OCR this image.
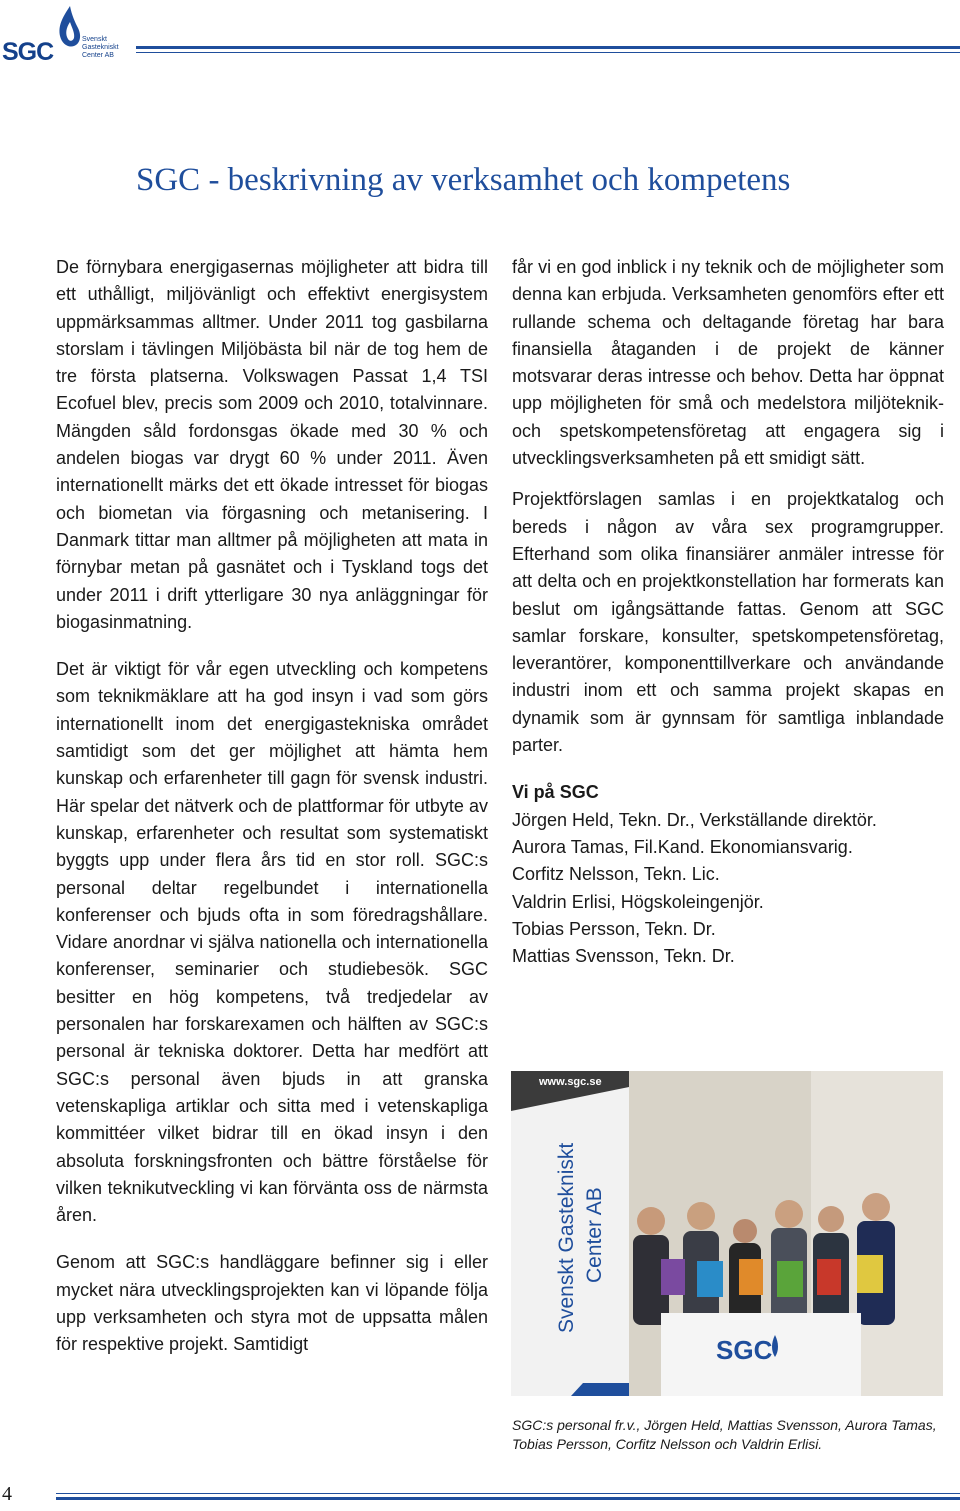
SGC	Svenskt
Gastekniskt
Center AB
SGC - beskrivning av verksamhet och kompetens

De förnybara energigasernas möjligheter att bidra till ett uthålligt, miljövänligt och effektivt energisystem uppmärksammas alltmer. Under 2011 tog gasbilarna storslam i tävlingen Miljöbästa bil när de tog hem de tre första platserna. Volkswagen Passat 1,4 TSI Ecofuel blev, precis som 2009 och 2010, totalvinnare. Mängden såld fordonsgas ökade med 30 % och andelen biogas var drygt 60 % under 2011. Även internationellt märks det ett ökade intresset för biogas och biometan via förgasning och metanisering. I Danmark tittar man alltmer på möjligheten att mata in förnybar metan på gasnätet och i Tyskland togs det under 2011 i drift ytterligare 30 nya anläggningar för biogasinmatning.

Det är viktigt för vår egen utveckling och kompetens som teknikmäklare att ha god insyn i vad som görs internationellt inom det energigastekniska området samtidigt som det ger möjlighet att hämta hem kunskap och erfarenheter till gagn för svensk industri. Här spelar det nätverk och de plattformar för utbyte av kunskap, erfarenheter och resultat som systematiskt byggts upp under flera års tid en stor roll. SGC:s personal deltar regelbundet i internationella konferenser och bjuds ofta in som föredragshållare. Vidare anordnar vi själva nationella och internationella konferenser, seminarier och studiebesök. SGC besitter en hög kompetens, två tredjedelar av personalen har forskarexamen och hälften av SGC:s personal är tekniska doktorer. Detta har medfört att SGC:s personal även bjuds in att granska vetenskapliga artiklar och sitta med i vetenskapliga kommittéer vilket bidrar till en ökad insyn i den absoluta forskningsfronten och bättre förståelse för vilken teknikutveckling vi kan förvänta oss de närmsta åren.

Genom att SGC:s handläggare befinner sig i eller mycket nära utvecklingsprojekten kan vi löpande följa upp verksamheten och styra mot de uppsatta målen för respektive projekt. Samtidigt

får vi en god inblick i ny teknik och de möjligheter som denna kan erbjuda. Verksamheten genomförs efter ett rullande schema och deltagande företag har bara finansiella åtaganden i de projekt de känner motsvarar deras intresse och behov. Detta har öppnat upp möjligheten för små och medelstora miljöteknik- och spetskompetensföretag att engagera sig i utvecklingsverksamheten på ett smidigt sätt.

Projektförslagen samlas i en projektkatalog och bereds i någon av våra sex programgrupper. Efterhand som olika finansiärer anmäler intresse för att delta och en projektkonstellation har formerats kan beslut om igångsättande fattas. Genom att SGC samlar forskare, konsulter, spetskompetensföretag, leverantörer, komponenttillverkare och användande industri inom ett och samma projekt skapas en dynamik som är gynnsam för samtliga inblandade parter.

Vi på SGC

Jörgen Held, Tekn. Dr., Verkställande direktör.

Aurora Tamas, Fil.Kand. Ekonomiansvarig.

Corfitz Nelsson, Tekn. Lic.

Valdrin Erlisi, Högskoleingenjör.

Tobias Persson, Tekn. Dr.

Mattias Svensson, Tekn. Dr.

www.sgc.se
Svenskt Gastekniskt Center AB
SGC
SGC
SGC:s personal fr.v., Jörgen Held, Mattias Svensson, Aurora Tamas, Tobias Persson, Corfitz Nelsson och Valdrin Erlisi.
4
